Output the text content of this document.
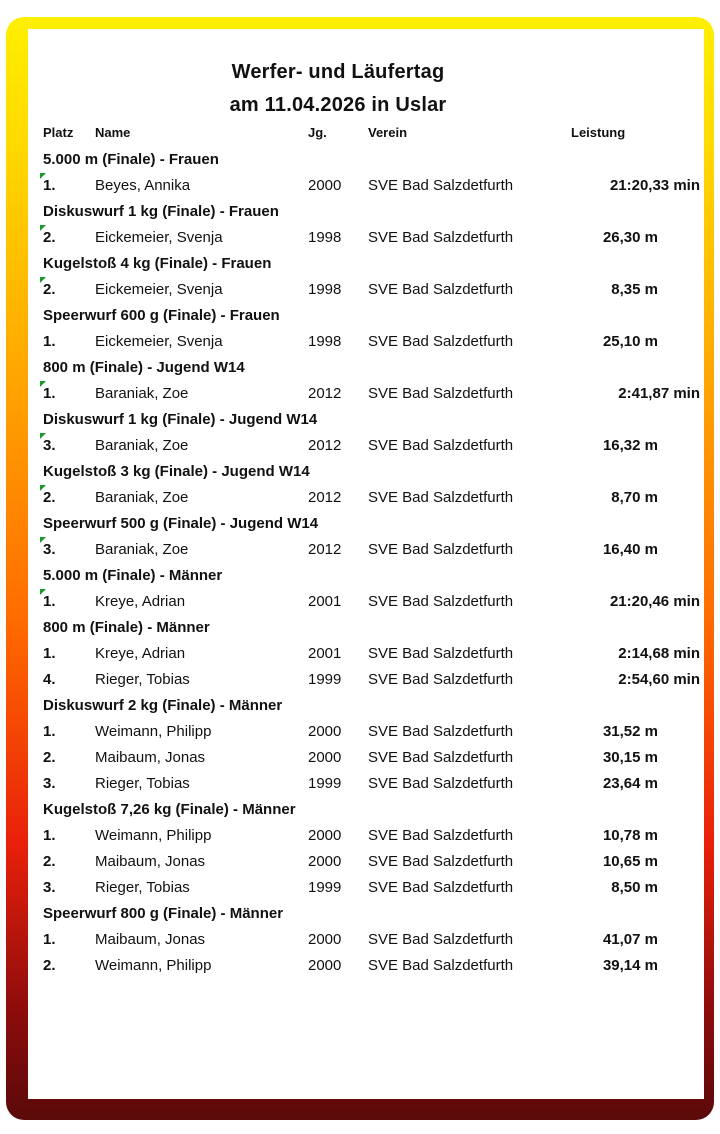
Werfer- und Läufertag
am 11.04.2026 in Uslar
Platz Name	Jg.	Verein	Leistung
5.000 m (Finale) - Frauen
1.	Beyes, Annika	2000 SVE Bad Salzdetfurth	21:20,33 min
Diskuswurf 1 kg (Finale) - Frauen
2.	Eickemeier, Svenja	1998 SVE Bad Salzdetfurth	26,30 m
Kugelstoß 4 kg (Finale) - Frauen
2.	Eickemeier, Svenja	1998 SVE Bad Salzdetfurth	8,35 m
Speerwurf 600 g (Finale) - Frauen
1.	Eickemeier, Svenja	1998 SVE Bad Salzdetfurth	25,10 m
800 m (Finale) - Jugend W14
1.	Baraniak, Zoe	2012 SVE Bad Salzdetfurth	2:41,87 min
Diskuswurf 1 kg (Finale) - Jugend W14
3.	Baraniak, Zoe	2012 SVE Bad Salzdetfurth	16,32 m
Kugelstoß 3 kg (Finale) - Jugend W14
2.	Baraniak, Zoe	2012 SVE Bad Salzdetfurth	8,70 m
Speerwurf 500 g (Finale) - Jugend W14
3.	Baraniak, Zoe	2012 SVE Bad Salzdetfurth	16,40 m
5.000 m (Finale) - Männer
1.	Kreye, Adrian	2001 SVE Bad Salzdetfurth	21:20,46 min
800 m (Finale) - Männer
1.	Kreye, Adrian	2001 SVE Bad Salzdetfurth	2:14,68 min
4.	Rieger, Tobias	1999 SVE Bad Salzdetfurth	2:54,60 min
Diskuswurf 2 kg (Finale) - Männer
1.	Weimann, Philipp	2000 SVE Bad Salzdetfurth	31,52 m
2.	Maibaum, Jonas	2000 SVE Bad Salzdetfurth	30,15 m
3.	Rieger, Tobias	1999 SVE Bad Salzdetfurth	23,64 m
Kugelstoß 7,26 kg (Finale) - Männer
1.	Weimann, Philipp	2000 SVE Bad Salzdetfurth	10,78 m
2.	Maibaum, Jonas	2000 SVE Bad Salzdetfurth	10,65 m
3.	Rieger, Tobias	1999 SVE Bad Salzdetfurth	8,50 m
Speerwurf 800 g (Finale) - Männer
1.	Maibaum, Jonas	2000 SVE Bad Salzdetfurth	41,07 m
2.	Weimann, Philipp	2000 SVE Bad Salzdetfurth	39,14 m
